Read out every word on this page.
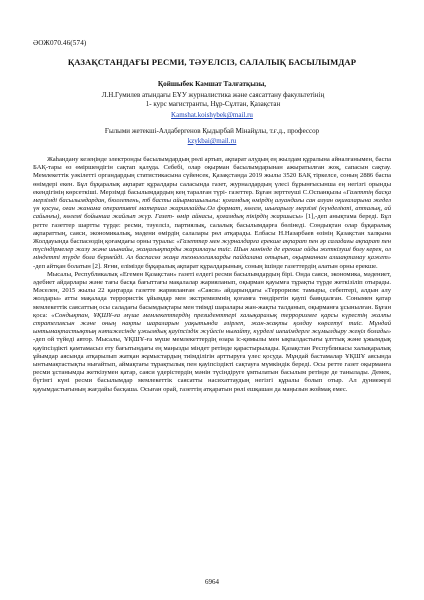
ӘОЖ070.46(574)
ҚАЗАҚСТАНДАҒЫ РЕСМИ, ТӘУЕЛСІЗ, САЛАЛЫҚ БАСЫЛЫМДАР
Қойшыбек Камшат Талғатқызы,
Л.Н.Гумилев атындағы ЕҰУ журналистика және саясаттану факультетінің 1- курс магистранты, Нұр-Сұлтан, Қазақстан
Kamshat.koishybek@mail.ru
Ғылыми жетекші-Алдабергенов Қыдырбай Мінайұлы, т.ғ.д., профессор
kzykbai@mail.ru

Жаһандану кезеңінде электронды басылымдардың рөлі артып, ақпарат алудың ең жылдам құралына айналғанымен, баспа БАҚ-тары өз өміршеңдігін сақтап қалуда. Себебі, олар оқырман басылымдарынан ажыратылған жоқ, сапасын сақтау. Мемлекеттік уәкілетті органдардың статистикасына сүйенсек, Қазақстанда 2019 жылы 3520 БАҚ тіркелсе, соның 2886 баспа өнімдері екен. Бұл бұқаралық ақпарат құралдары саласында газет, журналдардың үлесі бұрынғысынша ең негізгі орынды екендігінің көрсеткіші. Мерзімді басылымдардың кең таралған түрі- газеттер. Бұған зерттеуші С.Оспанқызы «Газеттің басқа мерзімді басылымдардан, бюллетень, тб басты айырмашылығы: қоғамдық өмірдің алуандағы сан алуан оқиғаларына жедел үн қосуы, оған жанама оперативті материал жариялайды.Ол формат, көлем, шығарылу мерзімі (күнделікті, апталық, ай сайынғы), көлемі бойынша жайлып жүр. Газет- өмір айнасы, қоғамдық пікірдің жаршысы» [1],-деп анықтама береді. Бұл ретте газеттер шартты түрде: ресми, тәуелсіз, партиялық, салалық басылымдарға бөлінеді. Сондықтан олар бұқаралық ақпараттың, саяси, экономикалық, мәдени өмірдің салалары рөл атқарады. Елбасы Н.Назарбаев өзінің Қазақстан халқына Жолдауында баспасөздің қоғамдағы орны туралы: «Газеттер мен журналдарға ерекше ақпарат пен әр саладағы ақпарат пен түсіндірмелер жазу және шынайы, жаңалықтарды жариялауы тиіс. Шын мәнінде де ерекше ойды жеткізуші болу керек, ол міндетті түрде бола бермейді. Ал баспасөз жаңа технологияларды пайдалана отырып, оқырманнан алшақтамау қажет» -деп айтқан болатын [2]. Яғни, елімізде бұқаралық ақпарат құралдарының, соның ішінде газеттердің алатын орны ерекше.

Мысалы, Республикалық «Егемен Қазақстан» газеті елдегі ресми басылымдардың бірі. Онда саяси, экономика, мәдениет, әдебиет айдарлары және тағы басқа бағыттағы мақалалар жарияланып, оқырман қауымға тұрақты түрде жеткізіліп отырады. Мәселен, 2015 жылы 22 қаңтарда газетте жарияланған «Саяси» айдарындағы «Терроризм: тамыры, себептері, алдын алу жолдары» атты мақалада террористік ұйымдар мен экстремизмнің қоғамға төндіретін қаупі баяндалған. Сонымен қатар мемлекеттік саясаттың осы саладағы басымдықтары мен тиімді шаралары жан-жақты талданып, оқырманға ұсынылған. Бұған қоса: «Сондықтан, ҰҚШҰ-ға мүше мемлекеттердің президенттері халықаралық терроризмге қарсы күрестің жалпы стратегиясын және оның нақты шараларын уақытында әзірлеп, жан-жақты қолдау көрсетуі тиіс. Мұндай ынтымақтастықтың нәтижесінде ұжымдық қауіпсіздік жүйесін нығайту, күрделі шешімдерге жұмылдыру жеңіл болады» -деп ой түйеді автор. Мысалы, ҰҚШҰ-ға мүше мемлекеттердің өзара іс-қимылы мен ықпалдастығы ұлттық және ұжымдық қауіпсіздікті қамтамасыз ету бағытындағы ең маңызды міндет ретінде қарастырылады. Қазақстан Республикасы халықаралық ұйымдар аясында атқарылып жатқан жұмыстардың тиімділігін арттыруға үлес қосуда. Мұндай бастамалар ҰҚШҰ аясында ынтымақтастықты нығайтып, аймақтағы тұрақтылық пен қауіпсіздікті сақтауға мүмкіндік береді. Осы ретте газет оқырманға ресми ұстанымды жеткізумен қатар, саяси үдерістердің мәнін түсіндіруге ұмтылатын басылым ретінде де танылады. Демек, бүгінгі күні ресми басылымдар мемлекеттік саясатты насихаттаудың негізгі құралы болып отыр. Ал дүниежүзі қауымдастығының жағдайы басқаша. Осыған орай, газеттің атқаратын рөлі ешқашан да маңызын жоймақ емес.

6964
